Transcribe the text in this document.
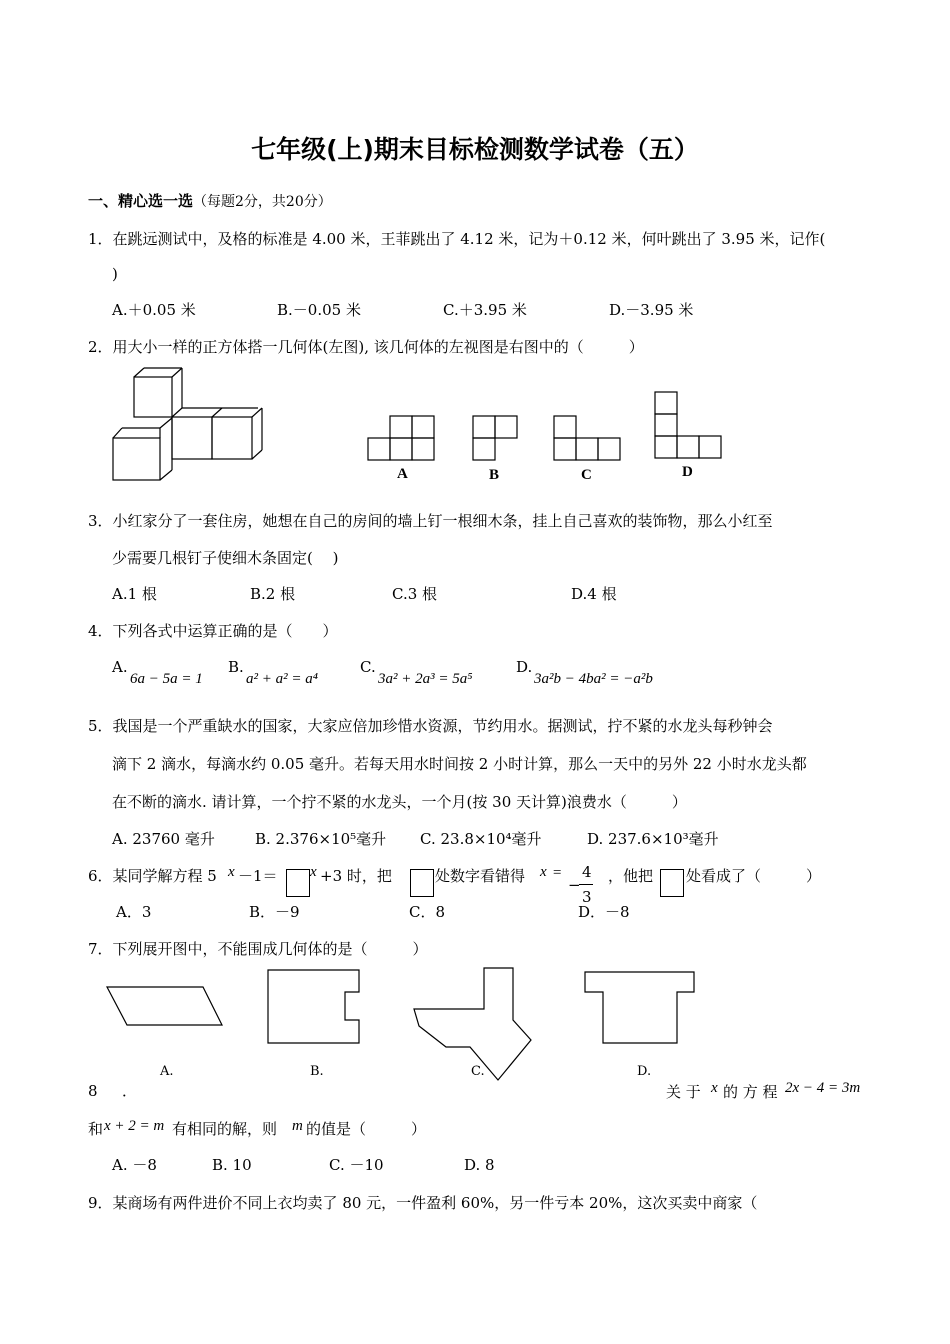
七年级(上)期末目标检测数学试卷（五）
一、精心选一选（每题2分，共20分）
1．在跳远测试中，及格的标准是 4.00 米，王菲跳出了 4.12 米，记为＋0.12 米，何叶跳出了 3.95 米，记作(
)
A.＋0.05 米	B.－0.05 米	C.＋3.95 米	D.－3.95 米
2．用大小一样的正方体搭一几何体(左图), 该几何体的左视图是右图中的（　　　）
A	B	C	D
3．小红家分了一套住房，她想在自己的房间的墙上钉一根细木条，挂上自己喜欢的装饰物，那么小红至
少需要几根钉子使细木条固定(　 )
A.1 根	B.2 根	C.3 根	D.4 根
4．下列各式中运算正确的是（　　）
A.
6a − 5a = 1
B.
a² + a² = a⁴
C.
3a² + 2a³ = 5a⁵
D.
3a²b − 4ba² = −a²b
5．我国是一个严重缺水的国家，大家应倍加珍惜水资源，节约用水。据测试，拧不紧的水龙头每秒钟会
滴下 2 滴水，每滴水约 0.05 毫升。若每天用水时间按 2 小时计算，那么一天中的另外 22 小时水龙头都
在不断的滴水. 请计算，一个拧不紧的水龙头，一个月(按 30 天计算)浪费水（　　　）
A. 23760 毫升	B. 2.376×10⁵毫升 C. 23.8×10⁴毫升	D. 237.6×10³毫升
6．某同学解方程 5 x －1＝ x +3 时，把	处数字看错得 x =
−
4
3
，他把 处看成了（　　　）
A．3	B．－9	C．8	D．－8
7．下列展开图中，不能围成几何体的是（　　　）
A.	B.	C.	D.
8 ．	关 于 x 的 方 程 2x − 4 = 3m
和 x + 2 = m 有相同的解，则 m 的值是（　　　）
A. －8	B. 10	C. －10	D. 8
9．某商场有两件进价不同上衣均卖了 80 元，一件盈利 60%，另一件亏本 20%，这次买卖中商家（
